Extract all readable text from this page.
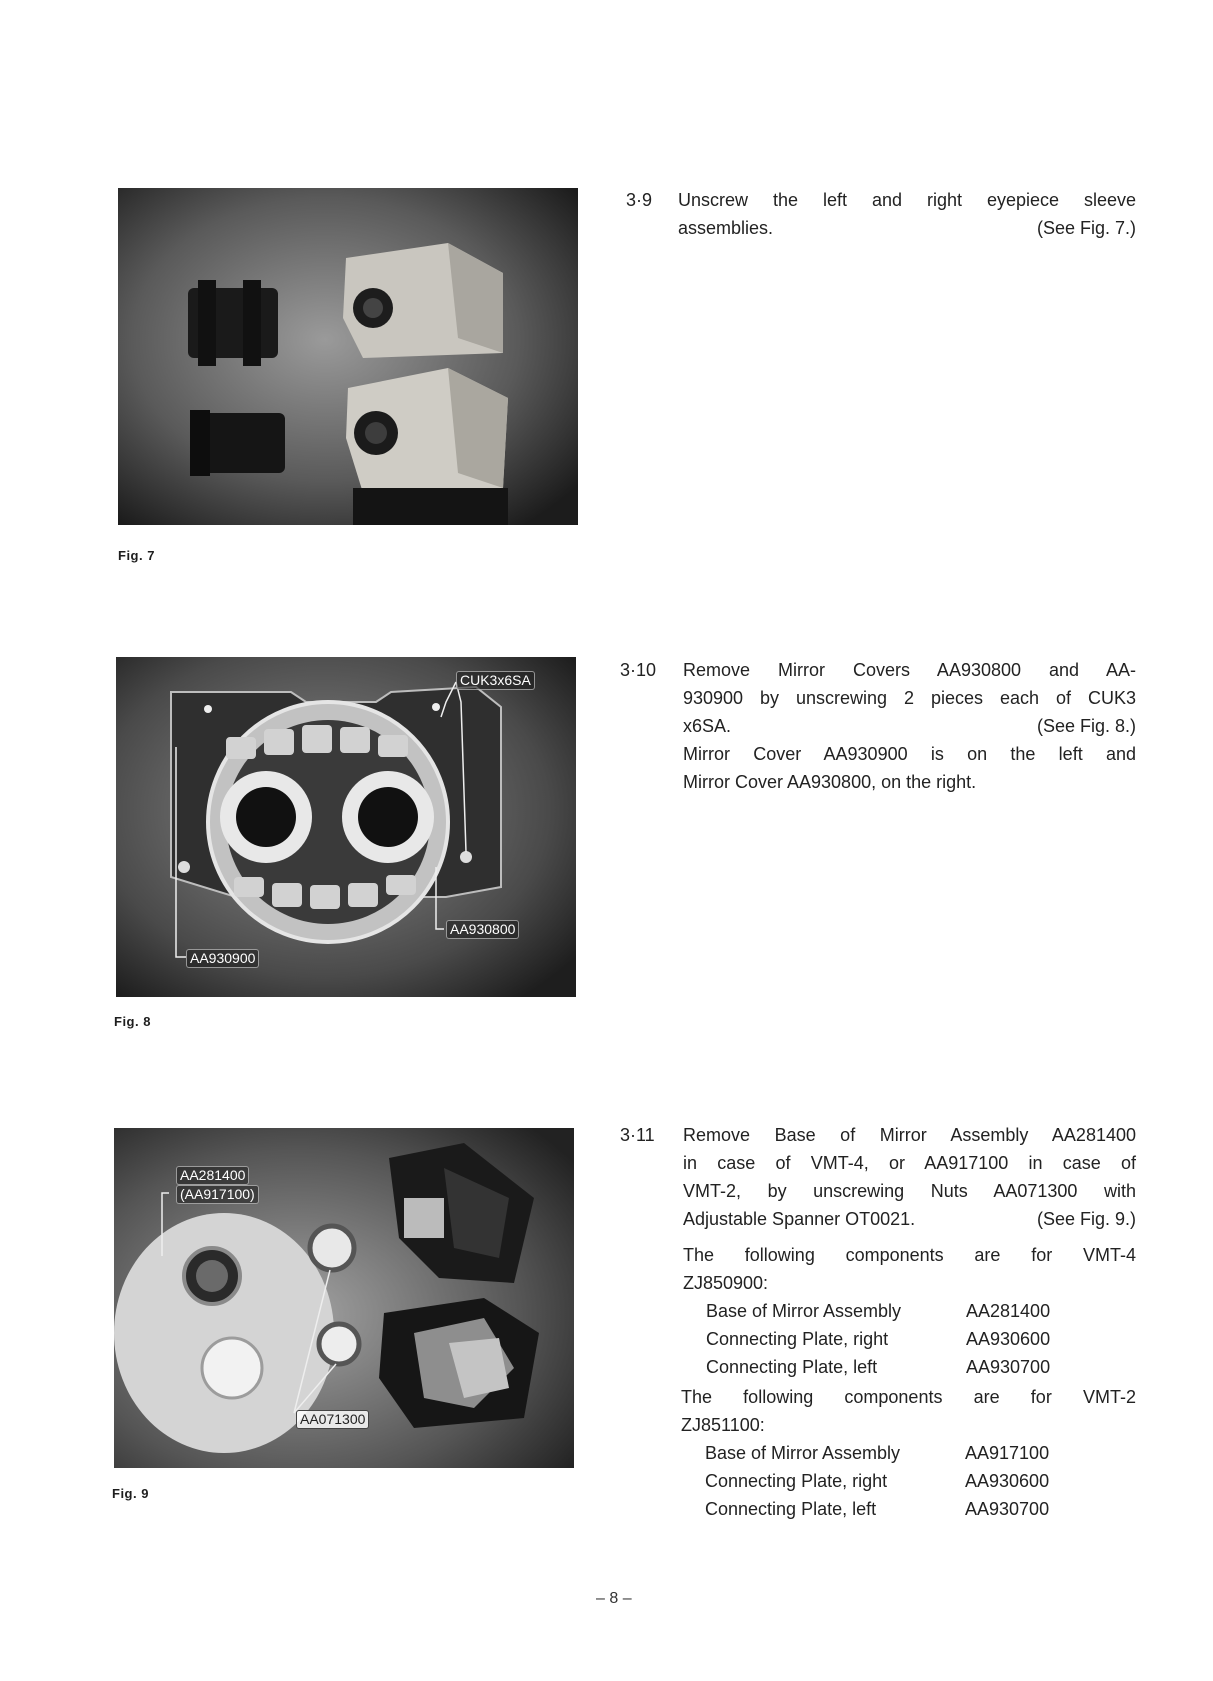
Fig. 7
3·9 Unscrew the left and right eyepiece sleeve
assemblies.	(See Fig. 7.)
CUK3x6SA
AA930900
AA930800
Fig. 8
3·10 Remove Mirror Covers AA930800 and AA-
930900 by unscrewing 2 pieces each of CUK3
x6SA.	(See Fig. 8.)
Mirror Cover AA930900 is on the left and
Mirror Cover AA930800, on the right.
AA281400
(AA917100)
AA071300
Fig. 9
3·11 Remove Base of Mirror Assembly AA281400
in case of VMT-4, or AA917100 in case of
VMT-2, by unscrewing Nuts AA071300 with
Adjustable Spanner OT0021.	(See Fig. 9.)
The following components are for VMT-4
ZJ850900:
Base of Mirror Assembly	AA281400
Connecting Plate, right	AA930600
Connecting Plate, left	AA930700
The following components are for VMT-2
ZJ851100:
Base of Mirror Assembly	AA917100
Connecting Plate, right	AA930600
Connecting Plate, left	AA930700
– 8 –
